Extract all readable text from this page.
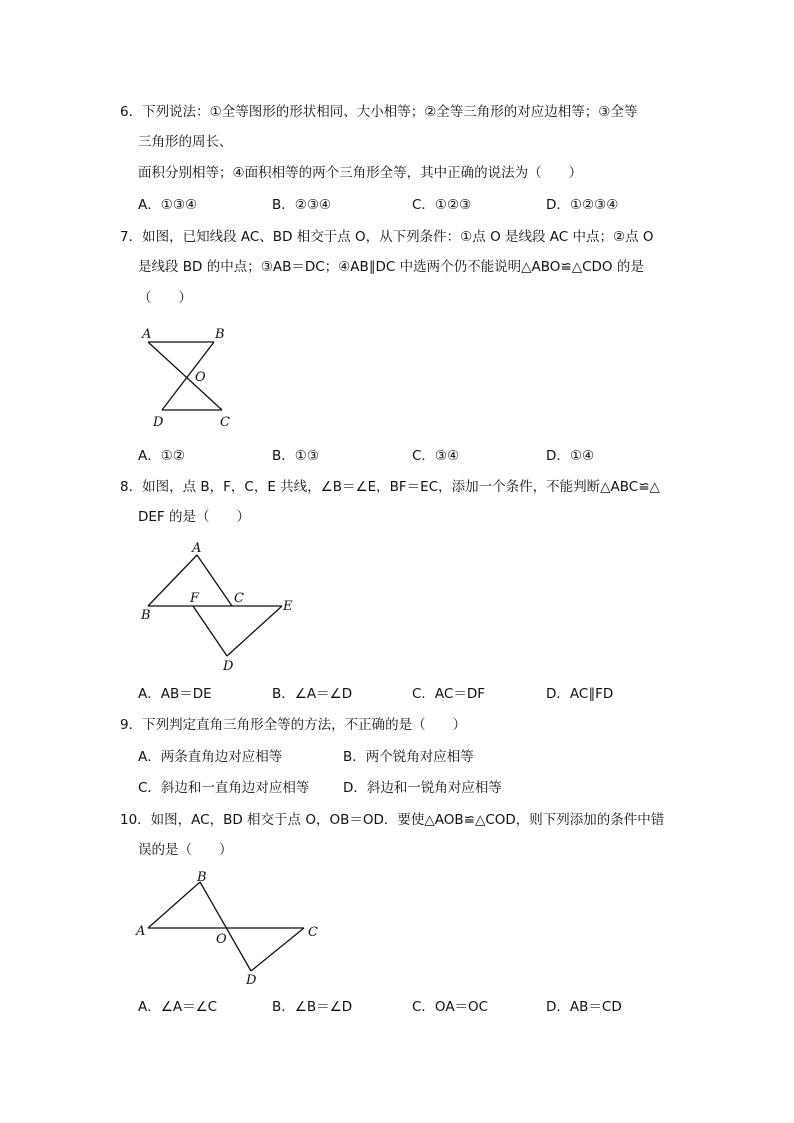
6．下列说法：①全等图形的形状相同、大小相等；②全等三角形的对应边相等；③全等
三角形的周长、
面积分别相等；④面积相等的两个三角形全等，其中正确的说法为（　　）
A．①③④	B．②③④	C．①②③	D．①②③④
7．如图，已知线段 AC、BD 相交于点 O，从下列条件：①点 O 是线段 AC 中点；②点 O
是线段 BD 的中点；③AB＝DC；④AB∥DC 中选两个仍不能说明△ABO≌△CDO 的是
（　　）
A	B
O
D	C
A．①②	B．①③	C．③④	D．①④
8．如图，点 B，F，C，E 共线，∠B＝∠E，BF＝EC，添加一个条件，不能判断△ABC≌△
DEF 的是（　　）
A
F	C
E
B
D
A．AB＝DE	B．∠A＝∠D	C．AC＝DF	D．AC∥FD
9．下列判定直角三角形全等的方法，不正确的是（　　）
A．两条直角边对应相等	B．两个锐角对应相等
C．斜边和一直角边对应相等 D．斜边和一锐角对应相等
10．如图，AC，BD 相交于点 O，OB＝OD．要使△AOB≌△COD，则下列添加的条件中错
误的是（　　）
B
A
O	C
D
A．∠A＝∠C	B．∠B＝∠D	C．OA＝OC	D．AB＝CD
